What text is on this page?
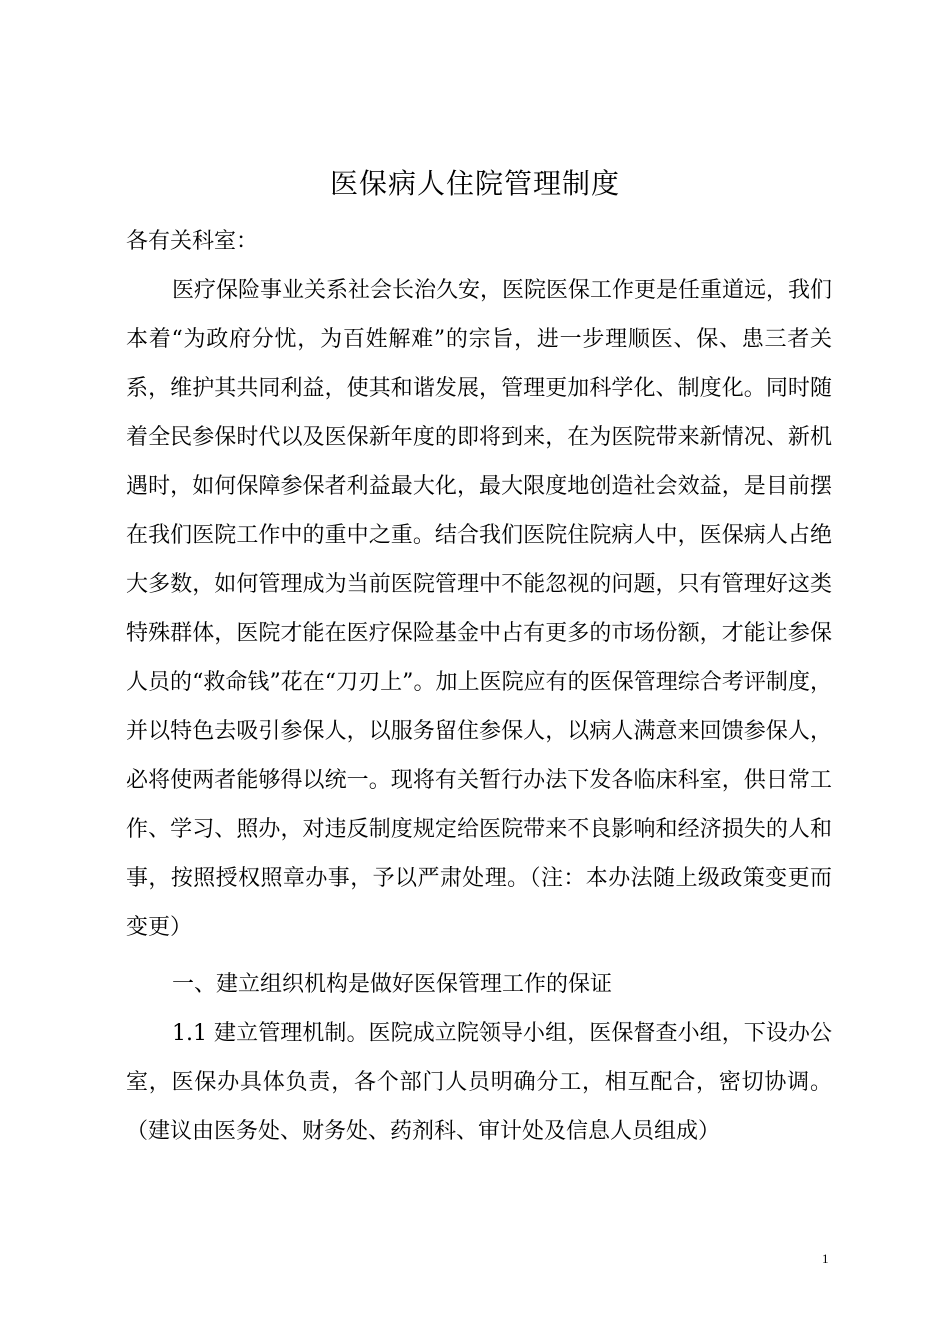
医保病人住院管理制度
各有关科室：

医疗保险事业关系社会长治久安，医院医保工作更是任重道远，我们本着“为政府分忧，为百姓解难”的宗旨，进一步理顺医、保、患三者关系，维护其共同利益，使其和谐发展，管理更加科学化、制度化。同时随着全民参保时代以及医保新年度的即将到来，在为医院带来新情况、新机遇时，如何保障参保者利益最大化，最大限度地创造社会效益，是目前摆在我们医院工作中的重中之重。结合我们医院住院病人中，医保病人占绝大多数，如何管理成为当前医院管理中不能忽视的问题，只有管理好这类特殊群体，医院才能在医疗保险基金中占有更多的市场份额，才能让参保人员的“救命钱”花在“刀刃上”。加上医院应有的医保管理综合考评制度，并以特色去吸引参保人，以服务留住参保人，以病人满意来回馈参保人，必将使两者能够得以统一。现将有关暂行办法下发各临床科室，供日常工作、学习、照办，对违反制度规定给医院带来不良影响和经济损失的人和事，按照授权照章办事，予以严肃处理。（注：本办法随上级政策变更而变更）

一、建立组织机构是做好医保管理工作的保证

1.1 建立管理机制。医院成立院领导小组，医保督查小组，下设办公室，医保办具体负责，各个部门人员明确分工，相互配合，密切协调。（建议由医务处、财务处、药剂科、审计处及信息人员组成）

1
